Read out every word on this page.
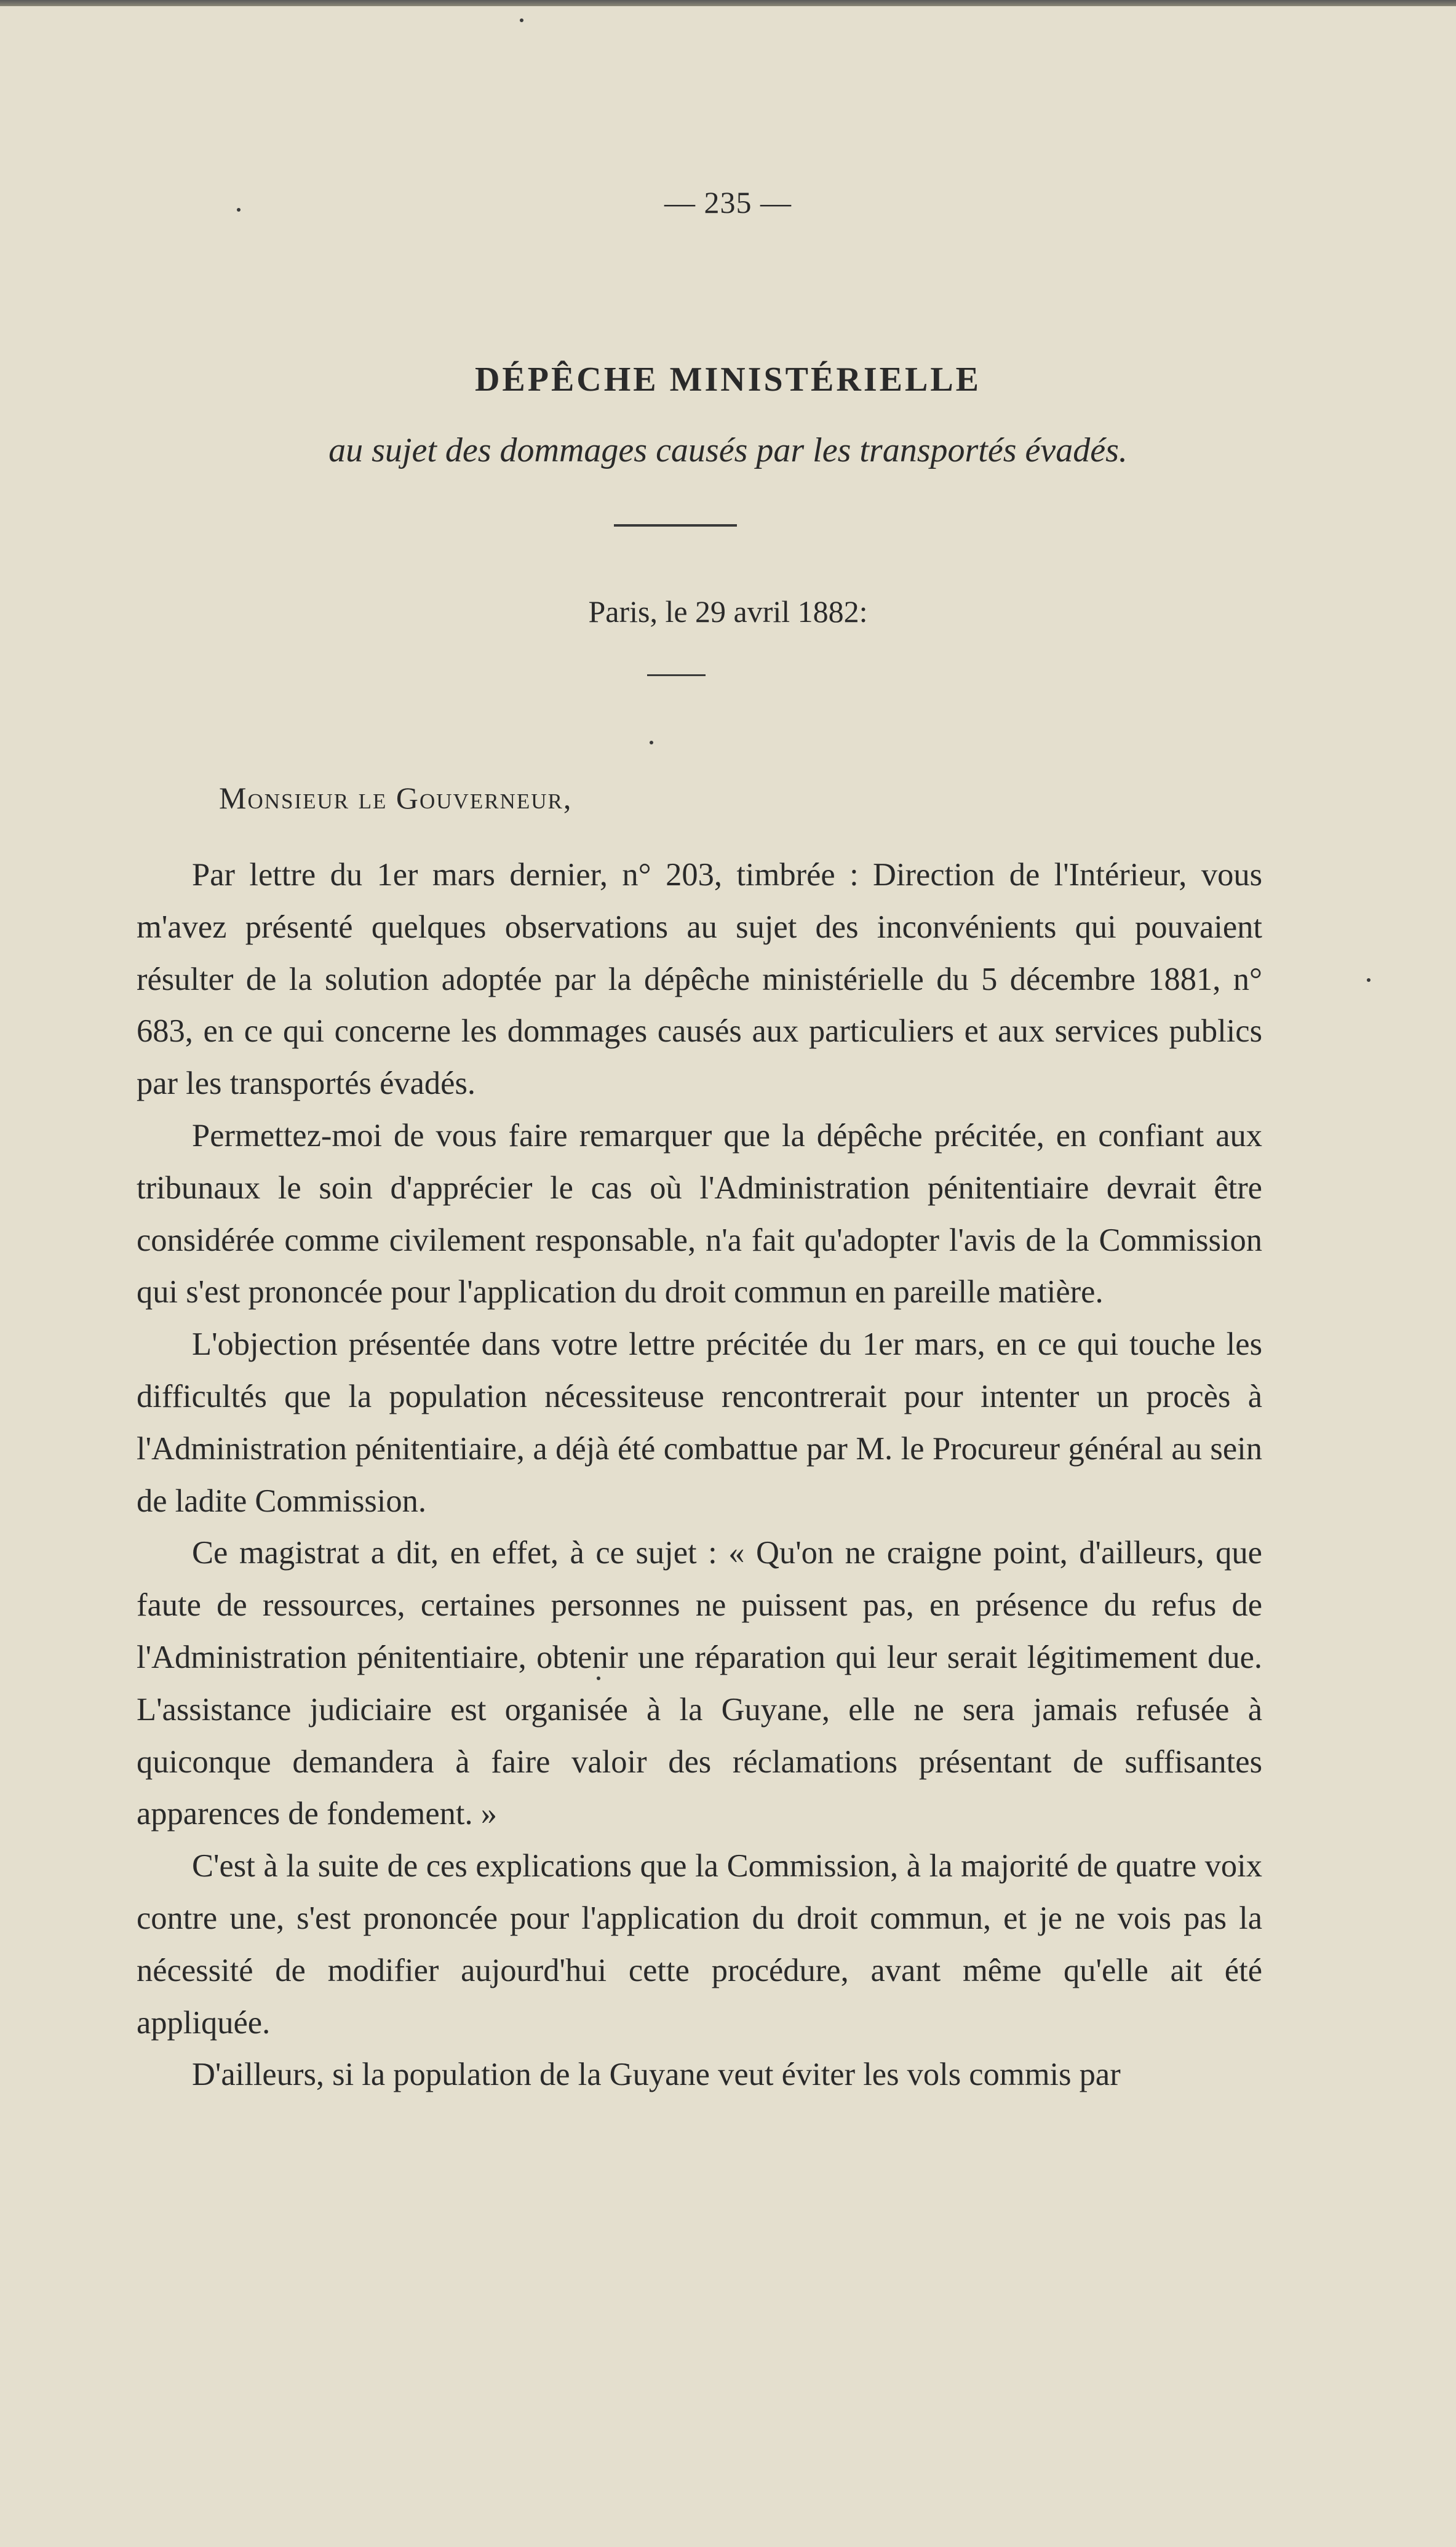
— 235 —
DÉPÊCHE MINISTÉRIELLE
au sujet des dommages causés par les transportés évadés.
Paris, le 29 avril 1882:
Monsieur le Gouverneur,

Par lettre du 1er mars dernier, n° 203, timbrée : Direction de l'Intérieur, vous m'avez présenté quelques observations au sujet des inconvénients qui pouvaient résulter de la solution adoptée par la dépêche ministérielle du 5 décembre 1881, n° 683, en ce qui concerne les dommages causés aux particuliers et aux services publics par les transportés évadés.

Permettez-moi de vous faire remarquer que la dépêche précitée, en confiant aux tribunaux le soin d'apprécier le cas où l'Administration pénitentiaire devrait être considérée comme civilement responsable, n'a fait qu'adopter l'avis de la Commission qui s'est prononcée pour l'application du droit commun en pareille matière.

L'objection présentée dans votre lettre précitée du 1er mars, en ce qui touche les difficultés que la population nécessiteuse rencontrerait pour intenter un procès à l'Administration pénitentiaire, a déjà été combattue par M. le Procureur général au sein de ladite Commission.

Ce magistrat a dit, en effet, à ce sujet : « Qu'on ne craigne point, d'ailleurs, que faute de ressources, certaines personnes ne puissent pas, en présence du refus de l'Administration pénitentiaire, obtenir une réparation qui leur serait légitimement due. L'assistance judiciaire est organisée à la Guyane, elle ne sera jamais refusée à quiconque demandera à faire valoir des réclamations présentant de suffisantes apparences de fondement. »

C'est à la suite de ces explications que la Commission, à la majorité de quatre voix contre une, s'est prononcée pour l'application du droit commun, et je ne vois pas la nécessité de modifier aujourd'hui cette procédure, avant même qu'elle ait été appliquée.

D'ailleurs, si la population de la Guyane veut éviter les vols commis par
